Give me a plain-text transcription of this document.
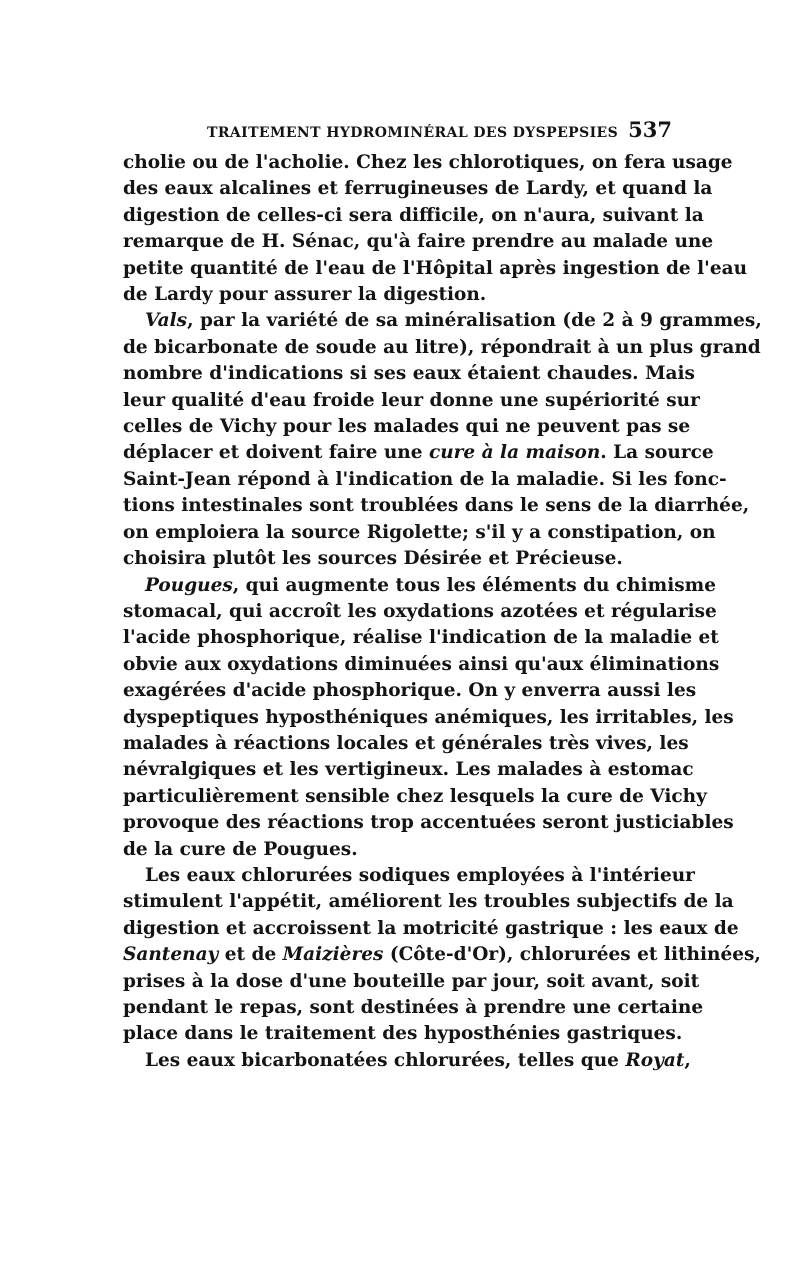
TRAITEMENT HYDROMINÉRAL DES DYSPEPSIES 537
cholie ou de l'acholie. Chez les chlorotiques, on fera usage
des eaux alcalines et ferrugineuses de Lardy, et quand la
digestion de celles-ci sera difficile, on n'aura, suivant la
remarque de H. Sénac, qu'à faire prendre au malade une
petite quantité de l'eau de l'Hôpital après ingestion de l'eau
de Lardy pour assurer la digestion.
Vals, par la variété de sa minéralisation (de 2 à 9 grammes,
de bicarbonate de soude au litre), répondrait à un plus grand
nombre d'indications si ses eaux étaient chaudes. Mais
leur qualité d'eau froide leur donne une supériorité sur
celles de Vichy pour les malades qui ne peuvent pas se
déplacer et doivent faire une cure à la maison. La source
Saint-Jean répond à l'indication de la maladie. Si les fonc-
tions intestinales sont troublées dans le sens de la diarrhée,
on emploiera la source Rigolette; s'il y a constipation, on
choisira plutôt les sources Désirée et Précieuse.
Pougues, qui augmente tous les éléments du chimisme
stomacal, qui accroît les oxydations azotées et régularise
l'acide phosphorique, réalise l'indication de la maladie et
obvie aux oxydations diminuées ainsi qu'aux éliminations
exagérées d'acide phosphorique. On y enverra aussi les
dyspeptiques hyposthéniques anémiques, les irritables, les
malades à réactions locales et générales très vives, les
névralgiques et les vertigineux. Les malades à estomac
particulièrement sensible chez lesquels la cure de Vichy
provoque des réactions trop accentuées seront justiciables
de la cure de Pougues.
Les eaux chlorurées sodiques employées à l'intérieur
stimulent l'appétit, améliorent les troubles subjectifs de la
digestion et accroissent la motricité gastrique : les eaux de
Santenay et de Maizières (Côte-d'Or), chlorurées et lithinées,
prises à la dose d'une bouteille par jour, soit avant, soit
pendant le repas, sont destinées à prendre une certaine
place dans le traitement des hyposthénies gastriques.
Les eaux bicarbonatées chlorurées, telles que Royat,
